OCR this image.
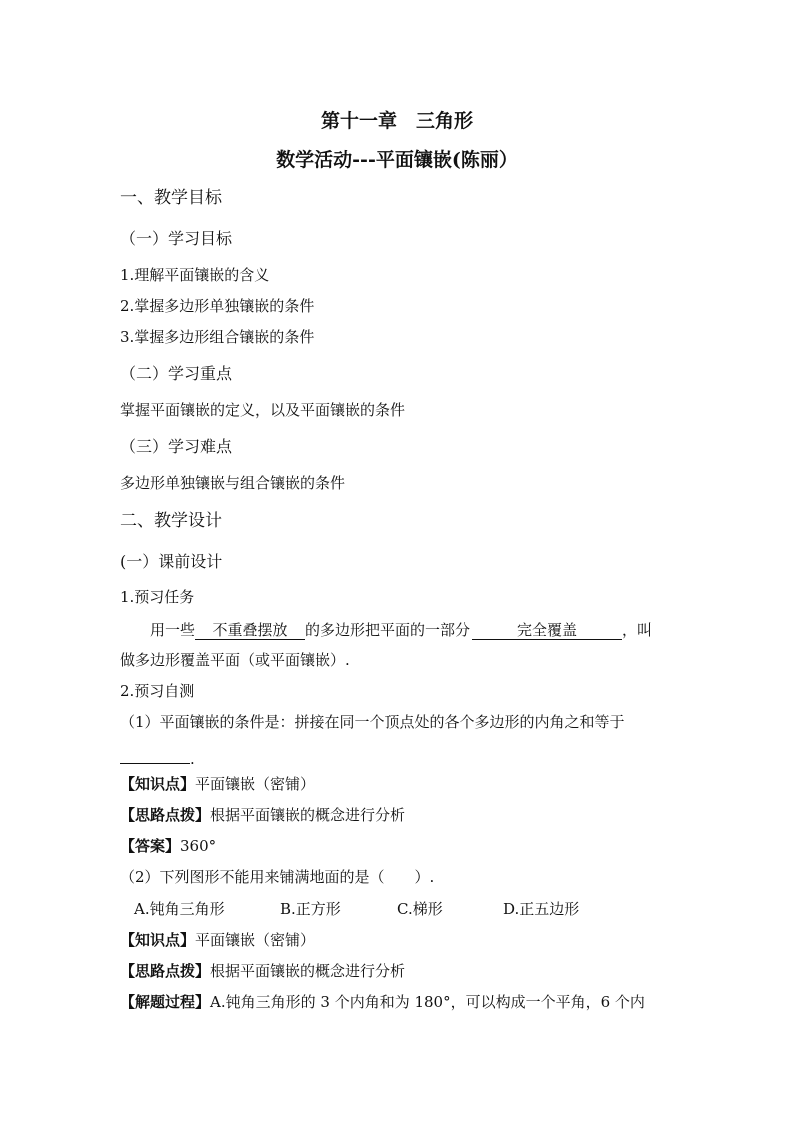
第十一章　三角形
数学活动---平面镶嵌(陈丽）
一、教学目标
（一）学习目标
1.理解平面镶嵌的含义
2.掌握多边形单独镶嵌的条件
3.掌握多边形组合镶嵌的条件
（二）学习重点
掌握平面镶嵌的定义，以及平面镶嵌的条件
（三）学习难点
多边形单独镶嵌与组合镶嵌的条件
二、教学设计
(一）课前设计
1.预习任务
用一些 不重叠摆放 的多边形把平面的一部分	完全覆盖	，叫
做多边形覆盖平面（或平面镶嵌）.
2.预习自测
（1）平面镶嵌的条件是：拼接在同一个顶点处的各个多边形的内角之和等于
.
【知识点】平面镶嵌（密铺）
【思路点拨】根据平面镶嵌的概念进行分析
【答案】360°
（2）下列图形不能用来铺满地面的是（　　）.
A.钝角三角形	B.正方形	C.梯形	D.正五边形
【知识点】平面镶嵌（密铺）
【思路点拨】根据平面镶嵌的概念进行分析
【解题过程】A.钝角三角形的 3 个内角和为 180°，可以构成一个平角，6 个内
